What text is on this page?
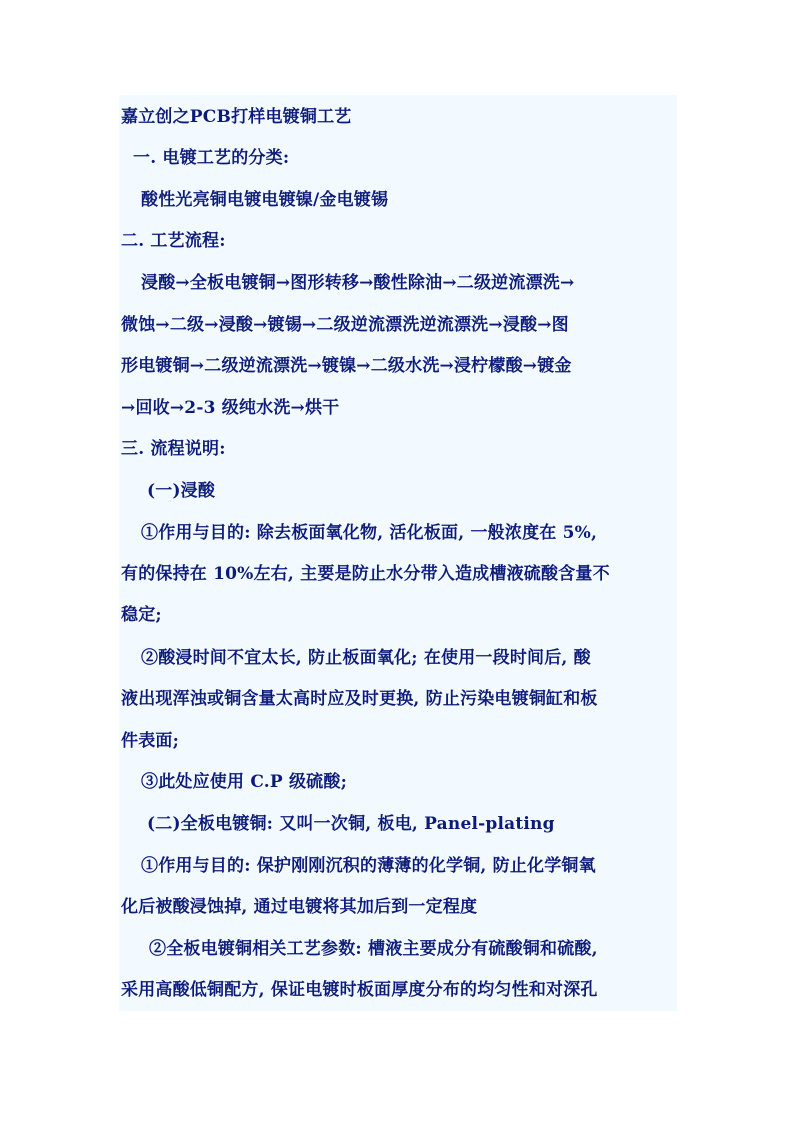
嘉立创之PCB打样电镀铜工艺
一. 电镀工艺的分类:
酸性光亮铜电镀电镀镍/金电镀锡
二. 工艺流程:
浸酸→全板电镀铜→图形转移→酸性除油→二级逆流漂洗→
微蚀→二级→浸酸→镀锡→二级逆流漂洗逆流漂洗→浸酸→图
形电镀铜→二级逆流漂洗→镀镍→二级水洗→浸柠檬酸→镀金
→回收→2-3 级纯水洗→烘干
三. 流程说明:
(一)浸酸
①作用与目的: 除去板面氧化物, 活化板面, 一般浓度在 5%,
有的保持在 10%左右, 主要是防止水分带入造成槽液硫酸含量不
稳定;
②酸浸时间不宜太长, 防止板面氧化; 在使用一段时间后, 酸
液出现浑浊或铜含量太高时应及时更换, 防止污染电镀铜缸和板
件表面;
③此处应使用 C.P 级硫酸;
(二)全板电镀铜: 又叫一次铜, 板电, Panel-plating
①作用与目的: 保护刚刚沉积的薄薄的化学铜, 防止化学铜氧
化后被酸浸蚀掉, 通过电镀将其加后到一定程度
②全板电镀铜相关工艺参数: 槽液主要成分有硫酸铜和硫酸,
采用高酸低铜配方, 保证电镀时板面厚度分布的均匀性和对深孔
